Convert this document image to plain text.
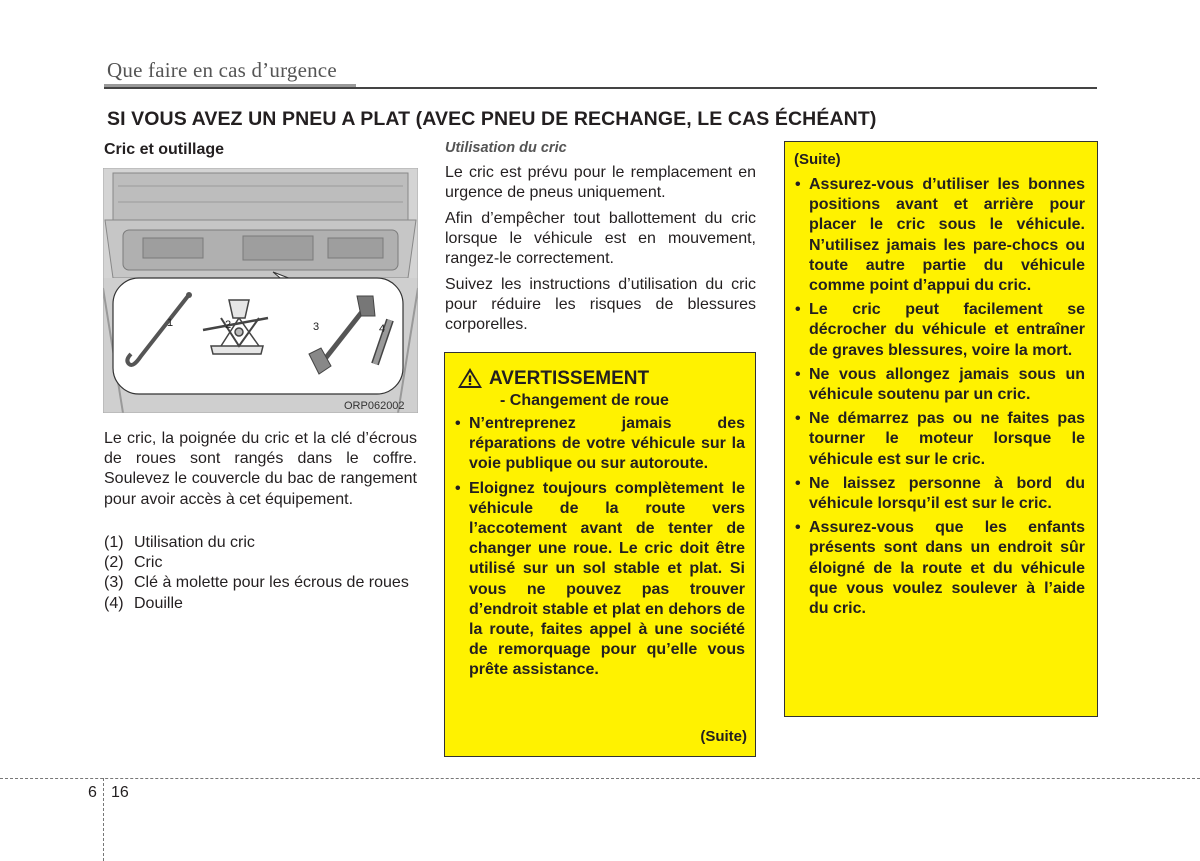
Que faire en cas d’urgence
SI VOUS AVEZ UN PNEU A PLAT (AVEC PNEU DE RECHANGE, LE CAS ÉCHÉANT)
Cric et outillage
1	2	3	4
ORP062002
Le cric, la poignée du cric et la clé d’écrous de roues sont rangés dans le coffre. Soulevez le couvercle du bac de rangement pour avoir accès à cet équipement.
(1) Utilisation du cric
(2) Cric
(3) Clé à molette pour les écrous de roues
(4) Douille
Utilisation du cric
Le cric est prévu pour le remplacement en urgence de pneus uniquement.
Afin d’empêcher tout ballottement du cric lorsque le véhicule est en mouvement, rangez-le correctement.
Suivez les instructions d’utilisation du cric pour réduire les risques de blessures corporelles.
AVERTISSEMENT
- Changement de roue
• N’entreprenez jamais des réparations de votre véhicule sur la voie publique ou sur autoroute.
• Eloignez toujours complètement le véhicule de la route vers l’accotement avant de tenter de changer une roue. Le cric doit être utilisé sur un sol stable et plat. Si vous ne pouvez pas trouver d’endroit stable et plat en dehors de la route, faites appel à une société de remorquage pour qu’elle vous prête assistance.
(Suite)
(Suite)
• Assurez-vous d’utiliser les bonnes positions avant et arrière pour placer le cric sous le véhicule. N’utilisez jamais les pare-chocs ou toute autre partie du véhicule comme point d’appui du cric.
• Le cric peut facilement se décrocher du véhicule et entraîner de graves blessures, voire la mort.
• Ne vous allongez jamais sous un véhicule soutenu par un cric.
• Ne démarrez pas ou ne faites pas tourner le moteur lorsque le véhicule est sur le cric.
• Ne laissez personne à bord du véhicule lorsqu’il est sur le cric.
• Assurez-vous que les enfants présents sont dans un endroit sûr éloigné de la route et du véhicule que vous voulez soulever à l’aide du cric.
6 16
